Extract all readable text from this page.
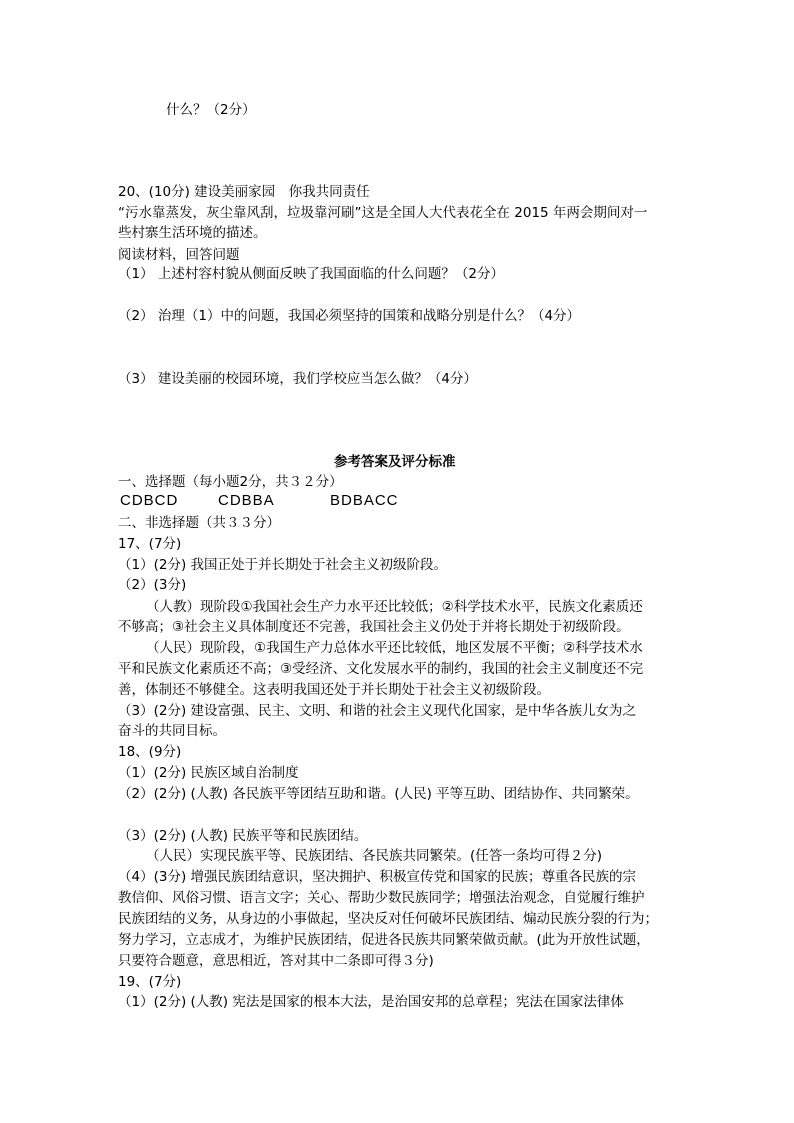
什么？（2分）
20、(10分) 建设美丽家园　你我共同责任
“污水靠蒸发，灰尘靠风刮，垃圾靠河刷”这是全国人大代表花全在 2015 年两会期间对一
些村寨生活环境的描述。
阅读材料，回答问题
（1） 上述村容村貌从侧面反映了我国面临的什么问题？（2分）
（2） 治理（1）中的问题，我国必须坚持的国策和战略分别是什么？（4分）
（3） 建设美丽的校园环境，我们学校应当怎么做？（4分）
参考答案及评分标准
一、选择题（每小题2分，共３２分）
CDBCD	CDBBA	BDBACC
二、非选择题（共３３分）
17、(7分)
（1）(2分) 我国正处于并长期处于社会主义初级阶段。
（2）(3分)
（人教）现阶段①我国社会生产力水平还比较低；②科学技术水平，民族文化素质还
不够高；③社会主义具体制度还不完善，我国社会主义仍处于并将长期处于初级阶段。
（人民）现阶段，①我国生产力总体水平还比较低，地区发展不平衡；②科学技术水
平和民族文化素质还不高；③受经济、文化发展水平的制约，我国的社会主义制度还不完
善，体制还不够健全。这表明我国还处于并长期处于社会主义初级阶段。
（3）(2分) 建设富强、民主、文明、和谐的社会主义现代化国家，是中华各族儿女为之
奋斗的共同目标。
18、(9分)
（1）(2分) 民族区域自治制度
（2）(2分) (人教) 各民族平等团结互助和谐。(人民) 平等互助、团结协作、共同繁荣。
（3）(2分) (人教) 民族平等和民族团结。
（人民）实现民族平等、民族团结、各民族共同繁荣。(任答一条均可得２分)
（4）(3分) 增强民族团结意识，坚决拥护、积极宣传党和国家的民族；尊重各民族的宗
教信仰、风俗习惯、语言文字；关心、帮助少数民族同学；增强法治观念，自觉履行维护
民族团结的义务，从身边的小事做起，坚决反对任何破坏民族团结、煽动民族分裂的行为；
努力学习，立志成才，为维护民族团结，促进各民族共同繁荣做贡献。(此为开放性试题，
只要符合题意，意思相近，答对其中二条即可得３分)
19、(7分)
（1）(2分) (人教) 宪法是国家的根本大法，是治国安邦的总章程；宪法在国家法律体
